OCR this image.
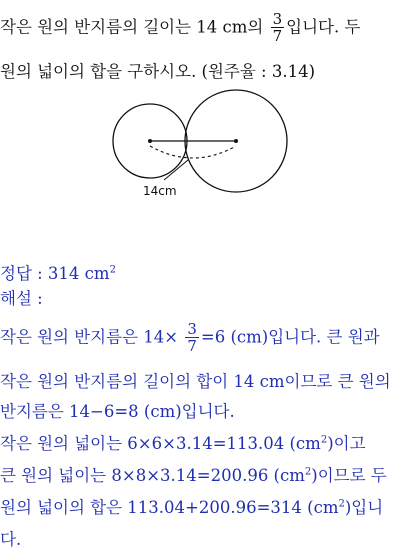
작은 원의 반지름의 길이는 14 cm의 $\frac{3}{7}$ 입니다. 두
원의 넓이의 합을 구하시오. (원주율 : 3.14)
14cm
정답 : 314 $cm^2$
해설 :
작은 원의 반지름은 $14\times \frac{3}{7} =6$ (cm)입니다. 큰 원과
작은 원의 반지름의 길이의 합이 14 cm이므로 큰 원의
반지름은 14−6=8 (cm)입니다.
작은 원의 넓이는 6×6×3.14=113.04 $(cm^2)$이고
큰 원의 넓이는 8×8×3.14=200.96 $(cm^2)$이므로 두
원의 넓이의 합은 113.04+200.96=314 $(cm^2)$입니
다.
